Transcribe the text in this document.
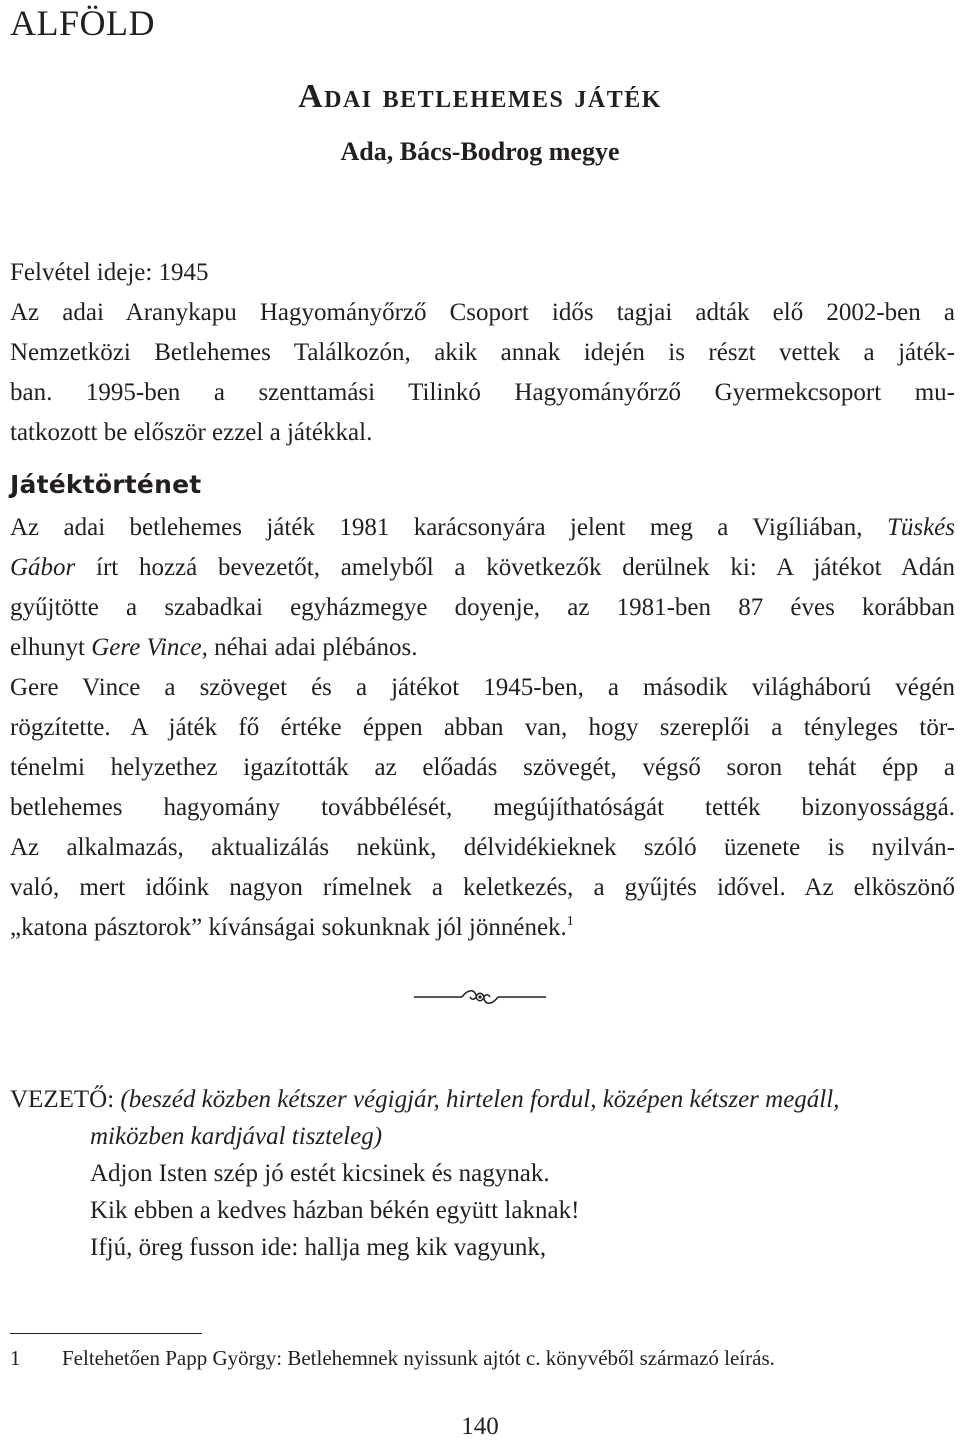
ALFÖLD
Adai betlehemes játék
Ada, Bács-Bodrog megye
Felvétel ideje: 1945
Az adai Aranykapu Hagyományőrző Csoport idős tagjai adták elő 2002-ben a
Nemzetközi Betlehemes Találkozón, akik annak idején is részt vettek a játék-
ban. 1995-ben a szenttamási Tilinkó Hagyományőrző Gyermekcsoport mu-
tatkozott be először ezzel a játékkal.
Játéktörténet
Az adai betlehemes játék 1981 karácsonyára jelent meg a Vigíliában, Tüskés
Gábor írt hozzá bevezetőt, amelyből a következők derülnek ki: A játékot Adán
gyűjtötte a szabadkai egyházmegye doyenje, az 1981-ben 87 éves korábban
elhunyt Gere Vince, néhai adai plébános.
Gere Vince a szöveget és a játékot 1945-ben, a második világháború végén
rögzítette. A játék fő értéke éppen abban van, hogy szereplői a tényleges tör-
ténelmi helyzethez igazították az előadás szövegét, végső soron tehát épp a
betlehemes hagyomány továbbélését, megújíthatóságát tették bizonyossággá.
Az alkalmazás, aktualizálás nekünk, délvidékieknek szóló üzenete is nyilván-
való, mert időink nagyon rímelnek a keletkezés, a gyűjtés idővel. Az elköszönő
„katona pásztorok” kívánságai sokunknak jól jönnének.$^1$
VEZETŐ: (beszéd közben kétszer végigjár, hirtelen fordul, középen kétszer megáll,
miközben kardjával tiszteleg)
Adjon Isten szép jó estét kicsinek és nagynak.
Kik ebben a kedves házban békén együtt laknak!
Ifjú, öreg fusson ide: hallja meg kik vagyunk,
1 Feltehetően Papp György: Betlehemnek nyissunk ajtót c. könyvéből származó leírás.
140
